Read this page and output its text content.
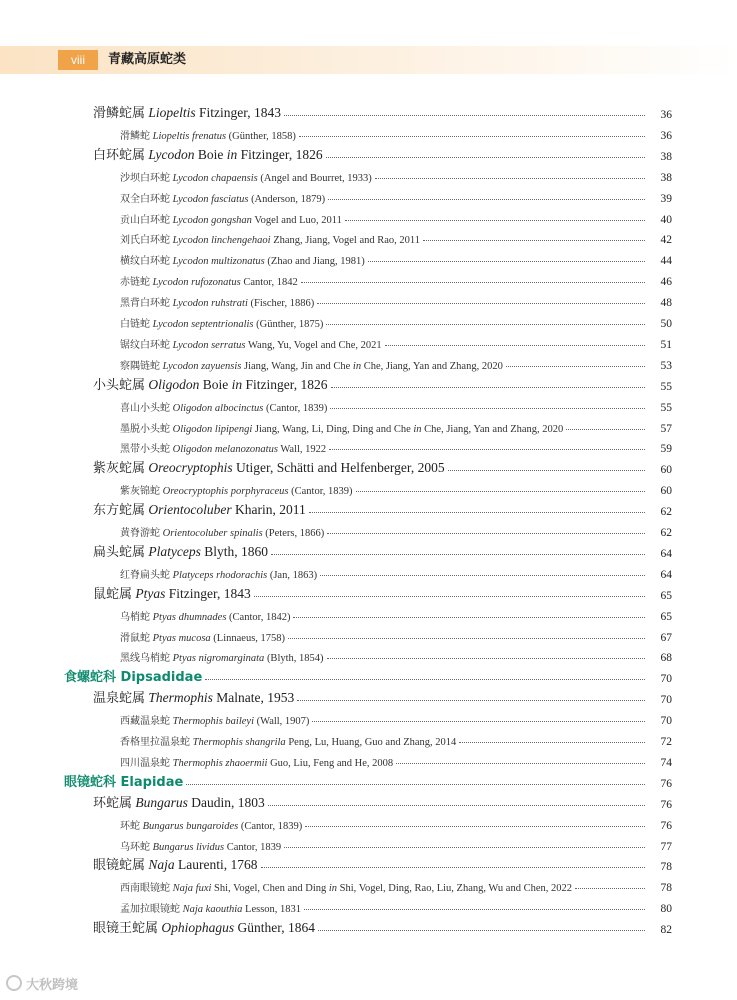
viii	青藏高原蛇类
滑鳞蛇属 Liopeltis Fitzinger, 1843	36
滑鳞蛇 Liopeltis frenatus (Günther, 1858)	36
白环蛇属 Lycodon Boie in Fitzinger, 1826	38
沙坝白环蛇 Lycodon chapaensis (Angel and Bourret, 1933)	38
双全白环蛇 Lycodon fasciatus (Anderson, 1879)	39
贡山白环蛇 Lycodon gongshan Vogel and Luo, 2011	40
刘氏白环蛇 Lycodon linchengehaoi Zhang, Jiang, Vogel and Rao, 2011	42
横纹白环蛇 Lycodon multizonatus (Zhao and Jiang, 1981)	44
赤链蛇 Lycodon rufozonatus Cantor, 1842	46
黑背白环蛇 Lycodon ruhstrati (Fischer, 1886)	48
白链蛇 Lycodon septentrionalis (Günther, 1875)	50
锯纹白环蛇 Lycodon serratus Wang, Yu, Vogel and Che, 2021	51
察隅链蛇 Lycodon zayuensis Jiang, Wang, Jin and Che in Che, Jiang, Yan and Zhang, 2020	53
小头蛇属 Oligodon Boie in Fitzinger, 1826	55
喜山小头蛇 Oligodon albocinctus (Cantor, 1839)	55
墨脱小头蛇 Oligodon lipipengi Jiang, Wang, Li, Ding, Ding and Che in Che, Jiang, Yan and Zhang, 2020	57
黑带小头蛇 Oligodon melanozonatus Wall, 1922	59
紫灰蛇属 Oreocryptophis Utiger, Schätti and Helfenberger, 2005	60
紫灰锦蛇 Oreocryptophis porphyraceus (Cantor, 1839)	60
东方蛇属 Orientocoluber Kharin, 2011	62
黄脊游蛇 Orientocoluber spinalis (Peters, 1866)	62
扁头蛇属 Platyceps Blyth, 1860	64
红脊扁头蛇 Platyceps rhodorachis (Jan, 1863)	64
鼠蛇属 Ptyas Fitzinger, 1843	65
乌梢蛇 Ptyas dhumnades (Cantor, 1842)	65
滑鼠蛇 Ptyas mucosa (Linnaeus, 1758)	67
黑线乌梢蛇 Ptyas nigromarginata (Blyth, 1854)	68
食螺蛇科 Dipsadidae	70
温泉蛇属 Thermophis Malnate, 1953	70
西藏温泉蛇 Thermophis baileyi (Wall, 1907)	70
香格里拉温泉蛇 Thermophis shangrila Peng, Lu, Huang, Guo and Zhang, 2014	72
四川温泉蛇 Thermophis zhaoermii Guo, Liu, Feng and He, 2008	74
眼镜蛇科 Elapidae	76
环蛇属 Bungarus Daudin, 1803	76
环蛇 Bungarus bungaroides (Cantor, 1839)	76
乌环蛇 Bungarus lividus Cantor, 1839	77
眼镜蛇属 Naja Laurenti, 1768	78
西南眼镜蛇 Naja fuxi Shi, Vogel, Chen and Ding in Shi, Vogel, Ding, Rao, Liu, Zhang, Wu and Chen, 2022	78
孟加拉眼镜蛇 Naja kaouthia Lesson, 1831	80
眼镜王蛇属 Ophiophagus Günther, 1864	82
大秋跨境
